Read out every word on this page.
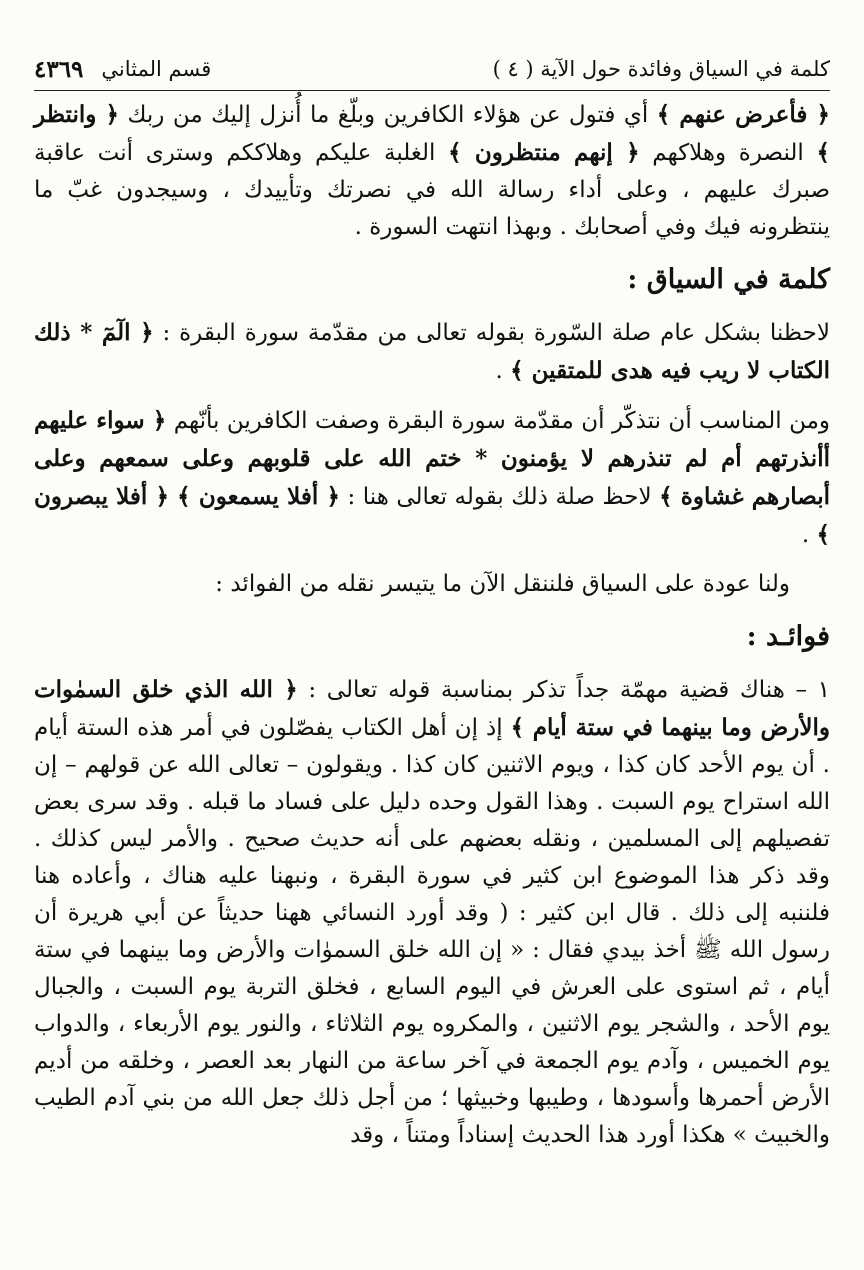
كلمة في السياق وفائدة حول الآية ( ٤ )
قسم المثاني
٤٣٦٩

﴿ فأعرض عنهم ﴾ أي فتول عن هؤلاء الكافرين وبلّغ ما أُنزل إليك من ربك ﴿ وانتظر ﴾ النصرة وهلاكهم ﴿ إنهم منتظرون ﴾ الغلبة عليكم وهلاككم وسترى أنت عاقبة صبرك عليهم ، وعلى أداء رسالة الله في نصرتك وتأييدك ، وسيجدون غبّ ما ينتظرونه فيك وفي أصحابك . وبهذا انتهت السورة .

كلمة في السياق :

لاحظنا بشكل عام صلة السّورة بقوله تعالى من مقدّمة سورة البقرة : ﴿ الٓمٓ * ذلك الكتاب لا ريب فيه هدى للمتقين ﴾ .

ومن المناسب أن نتذكّر أن مقدّمة سورة البقرة وصفت الكافرين بأنّهم ﴿ سواء عليهم أأنذرتهم أم لم تنذرهم لا يؤمنون * ختم الله على قلوبهم وعلى سمعهم وعلى أبصارهم غشاوة ﴾ لاحظ صلة ذلك بقوله تعالى هنا : ﴿ أفلا يسمعون ﴾ ﴿ أفلا يبصرون ﴾ .

ولنا عودة على السياق فلننقل الآن ما يتيسر نقله من الفوائد :

فوائـد :

١ – هناك قضية مهمّة جداً تذكر بمناسبة قوله تعالى : ﴿ الله الذي خلق السمٰوات والأرض وما بينهما في ستة أيام ﴾ إذ إن أهل الكتاب يفصّلون في أمر هذه الستة أيام . أن يوم الأحد كان كذا ، ويوم الاثنين كان كذا . ويقولون – تعالى الله عن قولهم – إن الله استراح يوم السبت . وهذا القول وحده دليل على فساد ما قبله . وقد سرى بعض تفصيلهم إلى المسلمين ، ونقله بعضهم على أنه حديث صحيح . والأمر ليس كذلك . وقد ذكر هذا الموضوع ابن كثير في سورة البقرة ، ونبهنا عليه هناك ، وأعاده هنا فلننبه إلى ذلك . قال ابن كثير : ( وقد أورد النسائي ههنا حديثاً عن أبي هريرة أن رسول الله ﷺ أخذ بيدي فقال : « إن الله خلق السموٰات والأرض وما بينهما في ستة أيام ، ثم استوى على العرش في اليوم السابع ، فخلق التربة يوم السبت ، والجبال يوم الأحد ، والشجر يوم الاثنين ، والمكروه يوم الثلاثاء ، والنور يوم الأربعاء ، والدواب يوم الخميس ، وآدم يوم الجمعة في آخر ساعة من النهار بعد العصر ، وخلقه من أديم الأرض أحمرها وأسودها ، وطيبها وخبيثها ؛ من أجل ذلك جعل الله من بني آدم الطيب والخبيث » هكذا أورد هذا الحديث إسناداً ومتناً ، وقد
